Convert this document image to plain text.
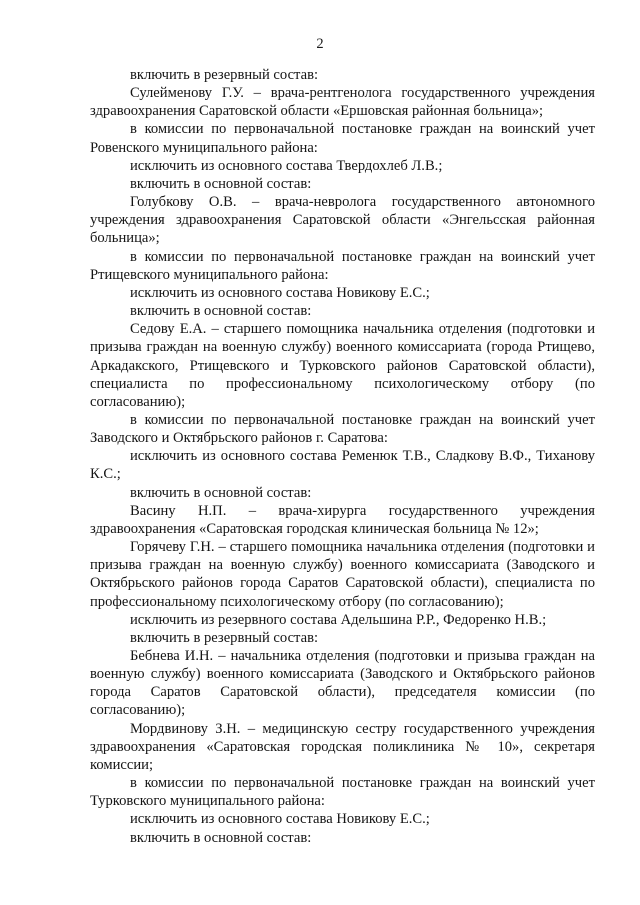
2

включить в резервный состав:

Сулейменову Г.У. – врача-рентгенолога государственного учреждения здравоохранения Саратовской области «Ершовская районная больница»;

в комиссии по первоначальной постановке граждан на воинский учет Ровенского муниципального района:

исключить из основного состава Твердохлеб Л.В.;

включить в основной состав:

Голубкову О.В. – врача-невролога государственного автономного учреждения здравоохранения Саратовской области «Энгельсская районная больница»;

в комиссии по первоначальной постановке граждан на воинский учет Ртищевского муниципального района:

исключить из основного состава Новикову Е.С.;

включить в основной состав:

Седову Е.А. – старшего помощника начальника отделения (подготовки и призыва граждан на военную службу) военного комиссариата (города Ртищево, Аркадакского, Ртищевского и Турковского районов Саратовской области), специалиста по профессиональному психологическому отбору (по согласованию);

в комиссии по первоначальной постановке граждан на воинский учет Заводского и Октябрьского районов г. Саратова:

исключить из основного состава Ременюк Т.В., Сладкову В.Ф., Тиханову К.С.;

включить в основной состав:

Васину Н.П. – врача-хирурга государственного учреждения здравоохранения «Саратовская городская клиническая больница № 12»;

Горячеву Г.Н. – старшего помощника начальника отделения (подготовки и призыва граждан на военную службу) военного комиссариата (Заводского и Октябрьского районов города Саратов Саратовской области), специалиста по профессиональному психологическому отбору (по согласованию);

исключить из резервного состава Адельшина Р.Р., Федоренко Н.В.;

включить в резервный состав:

Бебнева И.Н. – начальника отделения (подготовки и призыва граждан на военную службу) военного комиссариата (Заводского и Октябрьского районов города Саратов Саратовской области), председателя комиссии (по согласованию);

Мордвинову З.Н. – медицинскую сестру государственного учреждения здравоохранения «Саратовская городская поликлиника № 10», секретаря комиссии;

в комиссии по первоначальной постановке граждан на воинский учет Турковского муниципального района:

исключить из основного состава Новикову Е.С.;

включить в основной состав:
